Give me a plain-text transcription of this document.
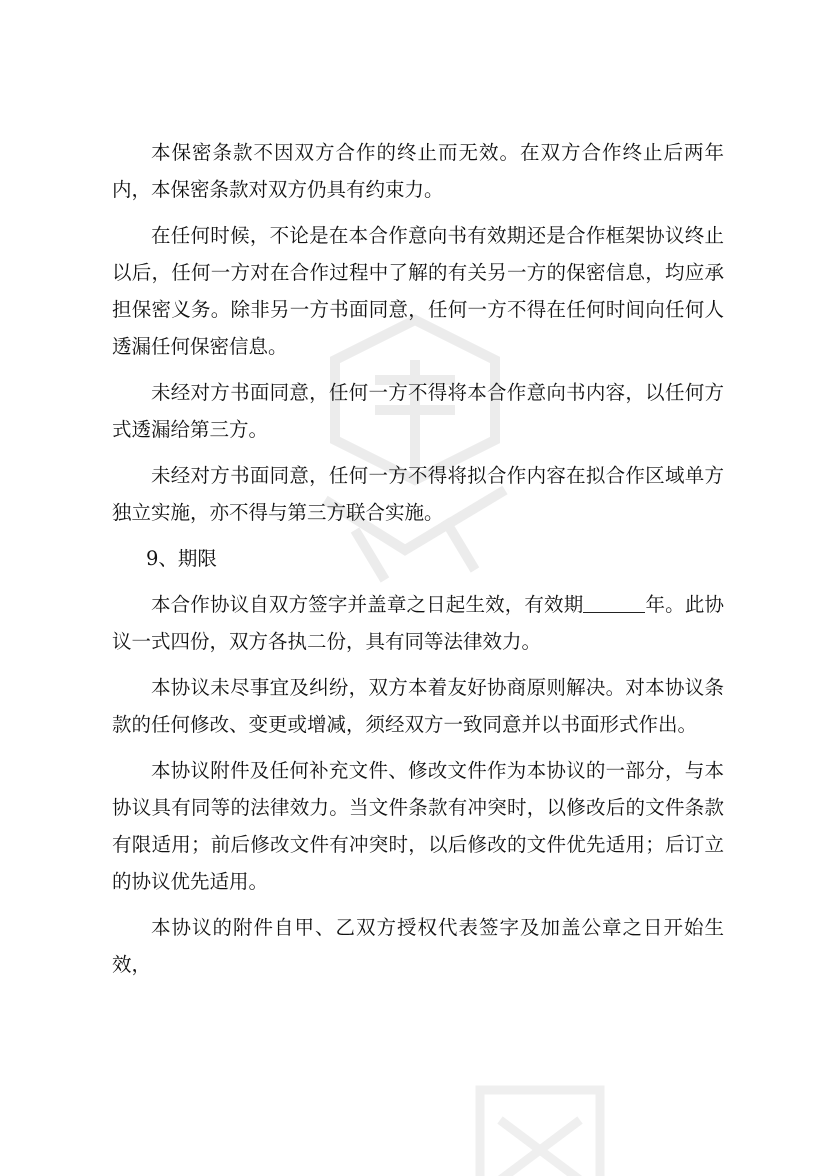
本保密条款不因双方合作的终止而无效。在双方合作终止后两年内，本保密条款对双方仍具有约束力。

在任何时候，不论是在本合作意向书有效期还是合作框架协议终止以后，任何一方对在合作过程中了解的有关另一方的保密信息，均应承担保密义务。除非另一方书面同意，任何一方不得在任何时间向任何人透漏任何保密信息。

未经对方书面同意，任何一方不得将本合作意向书内容，以任何方式透漏给第三方。

未经对方书面同意，任何一方不得将拟合作内容在拟合作区域单方独立实施，亦不得与第三方联合实施。

9、期限

本合作协议自双方签字并盖章之日起生效，有效期	年。此协议一式四份，双方各执二份，具有同等法律效力。

本协议未尽事宜及纠纷，双方本着友好协商原则解决。对本协议条款的任何修改、变更或增减，须经双方一致同意并以书面形式作出。

本协议附件及任何补充文件、修改文件作为本协议的一部分，与本协议具有同等的法律效力。当文件条款有冲突时，以修改后的文件条款有限适用；前后修改文件有冲突时，以后修改的文件优先适用；后订立的协议优先适用。

本协议的附件自甲、乙双方授权代表签字及加盖公章之日开始生效，
